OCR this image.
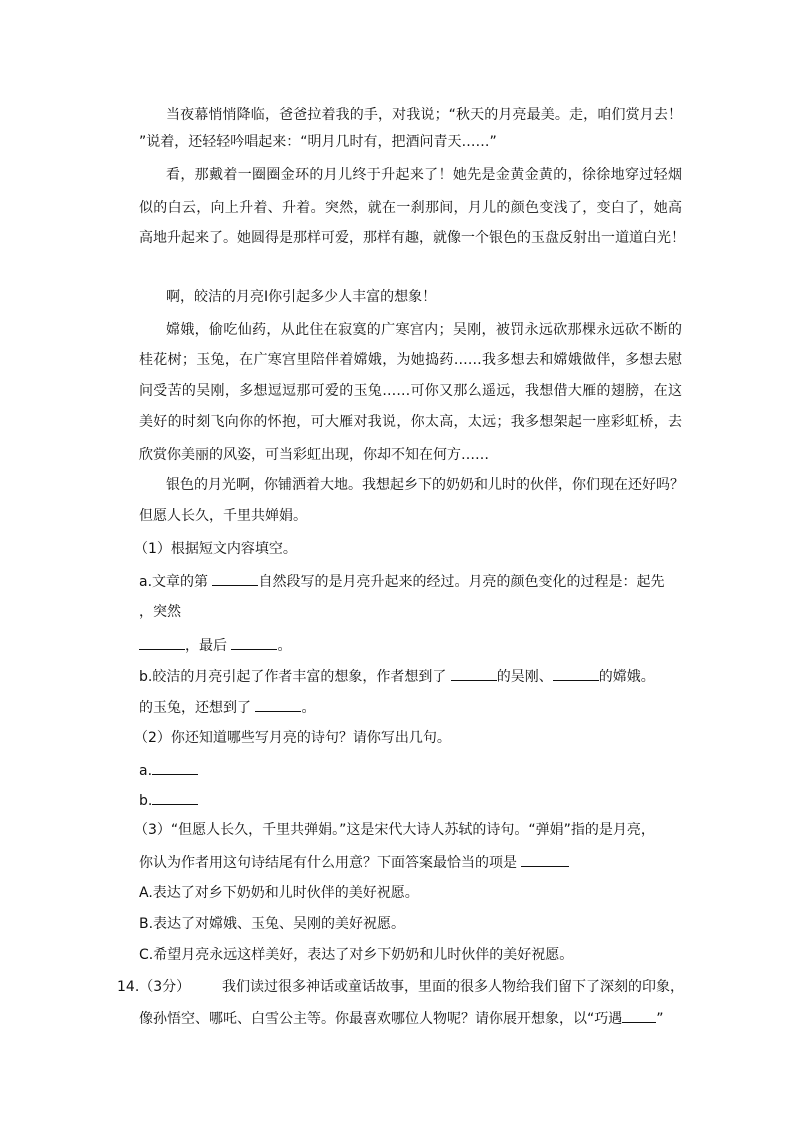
当夜幕悄悄降临，爸爸拉着我的手，对我说；“秋天的月亮最美。走，咱们赏月去！
”说着，还轻轻吟唱起来：“明月几时有，把酒问青天……”
看，那戴着一圈圈金环的月儿终于升起来了！她先是金黄金黄的，徐徐地穿过轻烟
似的白云，向上升着、升着。突然，就在一刹那间，月儿的颜色变浅了，变白了，她高
高地升起来了。她圆得是那样可爱，那样有趣，就像一个银色的玉盘反射出一道道白光！
啊，皎洁的月亮I你引起多少人丰富的想象！
嫦娥，偷吃仙药，从此住在寂寞的广寒宫内；吴刚，被罚永远砍那棵永远砍不断的
桂花树；玉兔，在广寒宫里陪伴着嫦娥，为她捣药……我多想去和嫦娥做伴，多想去慰
问受苦的吴刚，多想逗逗那可爱的玉兔……可你又那么遥远，我想借大雁的翅膀，在这
美好的时刻飞向你的怀抱，可大雁对我说，你太高，太远；我多想架起一座彩虹桥，去
欣赏你美丽的风姿，可当彩虹出现，你却不知在何方……
银色的月光啊，你铺洒着大地。我想起乡下的奶奶和儿时的伙伴，你们现在还好吗？
但愿人长久，千里共婵娟。
（1）根据短文内容填空。
a.文章的第	自然段写的是月亮升起来的经过。月亮的颜色变化的过程是：起先
，突然
，最后	。
b.皎洁的月亮引起了作者丰富的想象，作者想到了	的吴刚、	的嫦娥。
的玉兔，还想到了	。
（2）你还知道哪些写月亮的诗句？请你写出几句。
a.
b.
（3）“但愿人长久，千里共弹娟。”这是宋代大诗人苏轼的诗句。“弹娟”指的是月亮，
你认为作者用这句诗结尾有什么用意？下面答案最恰当的项是
A.表达了对乡下奶奶和儿时伙伴的美好祝愿。
B.表达了对嫦娥、玉兔、吴刚的美好祝愿。
C.希望月亮永远这样美好，表达了对乡下奶奶和儿时伙伴的美好祝愿。
14.（3分） 我们读过很多神话或童话故事，里面的很多人物给我们留下了深刻的印象，
像孙悟空、哪吒、白雪公主等。你最喜欢哪位人物呢？请你展开想象，以“巧遇 ”
